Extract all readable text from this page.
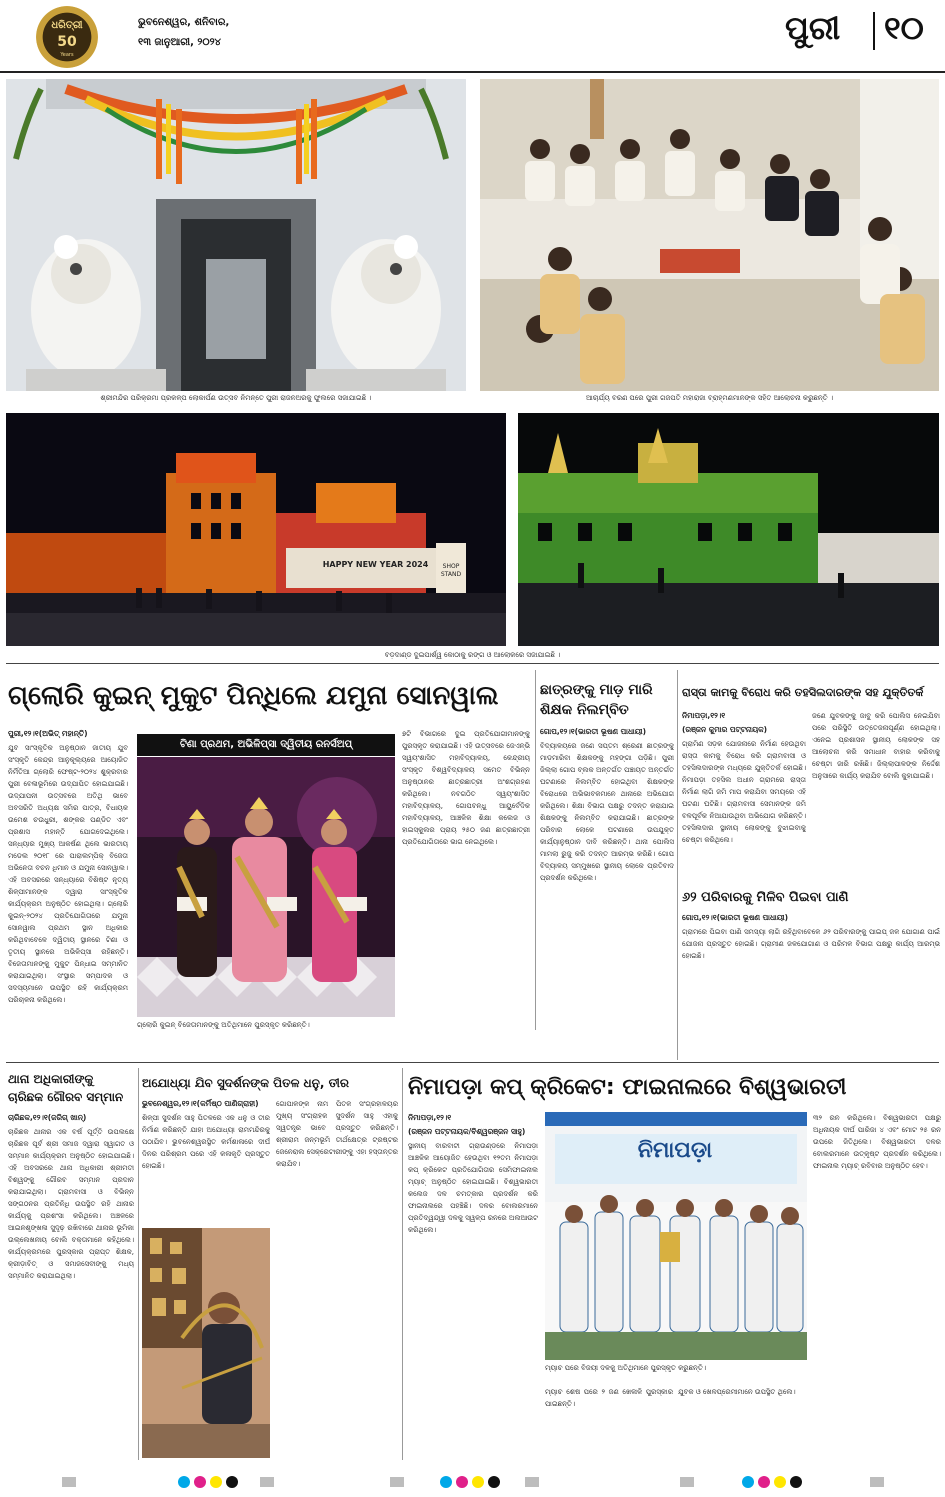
ଧରିତ୍ରୀ
50
Years
ଭୁବନେଶ୍ୱର, ଶନିବାର,
୧୩ ଜାନୁଆରୀ, ୨୦୨୪	ପୁରୀ ୧୦
ଶ୍ରୀମନ୍ଦିର ପରିକ୍ରମା ପ୍ରକଳ୍ପ ଲୋକାର୍ପଣ ଉତ୍ସବ ନିମନ୍ତେ ପୁରୀ ରାଜନଅରକୁ ଫୁଲରେ ସଜାଯାଇଛି ।	ଆଚାର୍ଯ୍ୟ ବରଣ ପରେ ପୁରୀ ଗଜପତି ମହାରାଜା ବ୍ରାହ୍ମଣମାନଙ୍କ ସହିତ ଆଲୋଚନା କରୁଛନ୍ତି ।
HAPPY NEW YEAR 2024	SHOP STAND
ବଡ଼ଦାଣ୍ଡ ଦୁଇପାର୍ଶ୍ୱ କୋଠାକୁ ରଙ୍ଗ ଓ ଆଲୋକରେ ସଜାଯାଇଛି ।
ଗ୍ଲୋରି କୁଇନ୍ ମୁକୁଟ ପିନ୍ଧିଲେ ଯମୁନା ସୋନୱାଲ

ପୁରୀ,୧୨।୧(ଅଭିତ୍ ମହାନ୍ତି)

ଯୁବ ସାଂସ୍କୃତିକ ଅନୁଷ୍ଠାନ ଜାତୀୟ ଯୁବ ସଂସ୍କୃତି କେନ୍ଦ୍ର ଆନୁକୂଲ୍ୟରେ ଆୟୋଜିତ ନିର୍ମିତିଆ ଗ୍ଲୋରି ଫେଷ୍ଟ-୨୦୨୪ ଶୁକ୍ରବାର ପୁରୀ ବେଳାଭୂମିରେ ଉଦ୍ଯାପିତ ହୋଇଯାଇଛି। ଉଦ୍ଯାପନୀ ଉତ୍ସବରେ ଅତିଥି ଭାବେ ଅବସରିତି ଅଧ୍ୟକ୍ଷ ସମିର ପାତ୍ର, ବିଧାୟକ ଉମେଶ ଚଉଧୁରୀ, ଶଙ୍କର ପଣ୍ଡିତ ଏବଂ ପ୍ରଶାସ ମହାନ୍ତି ଯୋଗଦେଇଥିଲେ। ସନ୍ଧ୍ୟାର ମୁଖ୍ୟ ଆକର୍ଷଣ ଥିଲେ ଭାରତୀୟ ମଡେଲ ୨୦୧୮ ରେ ପାରାଲମ୍ପିକ୍ ବିଜେତା ଅଭିନେତା ବଚନ ଧିମାନ ଓ ଯମୁନା ସୋନୱାଲ। ଏହି ଅବସରରେ ସନ୍ଧ୍ୟାରେ ବିଶିଷ୍ଟ ନୃତ୍ୟ ଶିଳ୍ପୀମାନଙ୍କ ଦ୍ୱାରା ସାଂସ୍କୃତିକ କାର୍ଯ୍ୟକ୍ରମ ଅନୁଷ୍ଠିତ ହୋଇଥିଲା। ଗ୍ଲୋରି କୁଇନ୍-୨୦୨୪ ପ୍ରତିଯୋଗିତାରେ ଯମୁନା ସୋନୱାଲ ପ୍ରଥମ ସ୍ଥାନ ଅଧିକାର କରିଥିବାବେଳେ ଦ୍ୱିତୀୟ ସ୍ଥାନରେ ଟିଣା ଓ ତୃତୀୟ ସ୍ଥାନରେ ଅଭିଳିପ୍ସା ରହିଛନ୍ତି। ବିଜେତାମାନଙ୍କୁ ମୁକୁଟ ପିନ୍ଧାଇ ସମ୍ମାନିତ କରାଯାଇଥିଲା। ସଂସ୍ଥାର ସମ୍ପାଦକ ଓ ସଦସ୍ୟମାନେ ଉପସ୍ଥିତ ରହି କାର୍ଯ୍ୟକ୍ରମ ପରିଚାଳନା କରିଥିଲେ।

ଟିଣା ପ୍ରଥମ, ଅଭିଳିପ୍ସା ଦ୍ୱିତୀୟ ରନର୍ସଅପ୍

ଗ୍ଲୋରି କୁଇନ୍ ବିଜେତାମାନଙ୍କୁ ଅତିଥିମାନେ ପୁରସ୍କୃତ କରିଛନ୍ତି।

୭ଟି ବିଭାଗରେ ଦୁଇ ପ୍ରତିଯୋଗୀମାନଙ୍କୁ ପୁରସ୍କୃତ କରାଯାଇଛି। ଏହି ଉତ୍ସବରେ ଜେଏନ୍‌ଭି ସ୍ୱୟଂଶାସିତ ମହାବିଦ୍ୟାଳୟ, କେନ୍ଦ୍ରୀୟ ସଂସ୍କୃତ ବିଶ୍ୱବିଦ୍ୟାଳୟ ସମେତ ବିଭିନ୍ନ ଅନୁଷ୍ଠାନର ଛାତ୍ରଛାତ୍ରୀ ଅଂଶଗ୍ରହଣ କରିଥିଲେ। ନବଗଠିତ ସ୍ୱୟଂଶାସିତ ମହାବିଦ୍ୟାଳୟ, ଗୋପବନ୍ଧୁ ଆୟୁର୍ବେଦିକ ମହାବିଦ୍ୟାଳୟ, ଆଞ୍ଚଳିକ ଶିକ୍ଷା କଲେଜ ଓ ହାଇସ୍କୁଲର ପ୍ରାୟ ୨୫୦ ଜଣ ଛାତ୍ରଛାତ୍ରୀ ପ୍ରତିଯୋଗିତାରେ ଭାଗ ନେଇଥିଲେ।

ଛାତ୍ରଙ୍କୁ ମାଡ଼ ମାରି
ଶିକ୍ଷକ ନିଲମ୍ବିତ

ଗୋପ,୧୨।୧(ଭାରତୀ ଭୂଷଣ ପାଧାୟୀ)

ବିଦ୍ୟାଳୟରେ ଜଣେ ସପ୍ତମ ଶ୍ରେଣୀ ଛାତ୍ରଙ୍କୁ ମାଡ଼ମାରିବା ଶିକ୍ଷକଙ୍କୁ ମହଙ୍ଗା ପଡ଼ିଛି। ପୁରୀ ଜିଲ୍ଲା ଗୋପ ବ୍ଲକ ଅନ୍ତର୍ଗତ ପଞ୍ଚାୟତ ଅନ୍ତର୍ଗତ ଘଟଣାରେ ନିଲମ୍ବିତ ହୋଇଥିବା ଶିକ୍ଷକଙ୍କ ବିରୋଧରେ ଅଭିଭାବକମାନେ ଥାନାରେ ଅଭିଯୋଗ କରିଥିଲେ। ଶିକ୍ଷା ବିଭାଗ ପକ୍ଷରୁ ତଦନ୍ତ କରାଯାଇ ଶିକ୍ଷକଙ୍କୁ ନିଲମ୍ବିତ କରାଯାଇଛି। ଛାତ୍ରଙ୍କ ପରିବାର ଲୋକେ ଘଟଣାରେ ଉପଯୁକ୍ତ କାର୍ଯ୍ୟାନୁଷ୍ଠାନ ଦାବି କରିଛନ୍ତି। ଥାନା ପୋଲିସ ମାମଲା ରୁଜୁ କରି ତଦନ୍ତ ଆରମ୍ଭ କରିଛି। ଗୋପ ବିଦ୍ୟାଳୟ ସମ୍ମୁଖରେ ସ୍ଥାନୀୟ ଲୋକେ ପ୍ରତିବାଦ ପ୍ରଦର୍ଶନ କରିଥିଲେ।

ରାସ୍ତା କାମକୁ ବିରୋଧ କରି ତହସିଲଦାରଙ୍କ ସହ ଯୁକ୍ତିତର୍କ

ନିମାପଡ଼ା,୧୨।୧

(ରଞ୍ଜନ କୁମାର ପଟ୍ଟନାୟକ)

ଗ୍ରାମିଣ ସଡ଼କ ଯୋଜନାରେ ନିର୍ମାଣ ହେଉଥିବା ରାସ୍ତା କାମକୁ ବିରୋଧ କରି ଗ୍ରାମବାସୀ ଓ ତହସିଲଦାରଙ୍କ ମଧ୍ୟରେ ଯୁକ୍ତିତର୍କ ହୋଇଛି। ନିମାପଡ଼ା ତହସିଲ ଅଧୀନ ଗ୍ରାମରେ ରାସ୍ତା ନିର୍ମାଣ ଲାଗି ଜମି ମାପ କରାଯିବା ସମୟରେ ଏହି ଘଟଣା ଘଟିଛି। ଗ୍ରାମବାସୀ ସେମାନଙ୍କ ଜମି ବଳପୂର୍ବକ ନିଆଯାଉଥିବା ଅଭିଯୋଗ କରିଛନ୍ତି। ତହସିଲଦାର ସ୍ଥାନୀୟ ଲୋକଙ୍କୁ ବୁଝାଇବାକୁ ଚେଷ୍ଟା କରିଥିଲେ।

ଜଣେ ଯୁବକଙ୍କୁ ଜାବୁ କରି ପୋଲିସ ନେଇଯିବା ପରେ ପରିସ୍ଥିତି ଉତ୍ତେଜନାପୂର୍ଣ୍ଣ ହୋଇଥିଲା। ଏନେଇ ପ୍ରଶାସନ ସ୍ଥାନୀୟ ଲୋକଙ୍କ ସହ ଆଲୋଚନା କରି ସମାଧାନ ବାହାର କରିବାକୁ ଚେଷ୍ଟା ଜାରି ରଖିଛି। ଜିଲ୍ଲାପାଳଙ୍କ ନିର୍ଦ୍ଦେଶ ଅନୁସାରେ କାର୍ଯ୍ୟ କରାଯିବ ବୋଲି କୁହାଯାଇଛି।

୬୨ ପରିବାରକୁ ମିଳିବ ପିଇବା ପାଣି

ଗୋପ,୧୨।୧(ଭାରତୀ ଭୂଷଣ ପାଧାୟୀ)

ଗ୍ରାମରେ ପିଇବା ପାଣି ସମସ୍ୟା ଲାଗି ରହିଥିବାବେଳେ ୬୨ ପରିବାରଙ୍କୁ ପାଇପ୍ ଜଳ ଯୋଗାଣ ପାଇଁ ଯୋଜନା ପ୍ରସ୍ତୁତ ହୋଇଛି। ଗ୍ରାମୀଣ ଜଳଯୋଗାଣ ଓ ପରିମଳ ବିଭାଗ ପକ୍ଷରୁ କାର୍ଯ୍ୟ ଆରମ୍ଭ ହୋଇଛି।

ଥାନା ଅଧିକାରୀଙ୍କୁ
ଚାରିଛକ ଗୌରବ ସମ୍ମାନ

ଚାରିଛକ,୧୨।୧(ଜରିଗ୍ ଖାନ୍)

ଚାରିଛକ ଥାନାର ଏକ ବର୍ଷ ପୂର୍ତ୍ତି ଉପଲକ୍ଷେ ଚାରିଛକ ପୂର୍ବ ଶ୍ରୀ ସମାଜ ଦ୍ୱାରା ସ୍ୱାଗତ ଓ ସମ୍ମାନ କାର୍ଯ୍ୟକ୍ରମ ଅନୁଷ୍ଠିତ ହୋଇଯାଇଛି। ଏହି ଅବସରରେ ଥାନା ଅଧିକାରୀ ଶ୍ରୀମତୀ ବିଶ୍ୱଙ୍କୁ ଗୌରବ ସମ୍ମାନ ପ୍ରଦାନ କରାଯାଇଥିଲା। ଗ୍ରାମବାସୀ ଓ ବିଭିନ୍ନ ସଙ୍ଗଠନର ପ୍ରତିନିଧି ଉପସ୍ଥିତ ରହି ଥାନାର କାର୍ଯ୍ୟକୁ ପ୍ରଶଂସା କରିଥିଲେ। ଅଞ୍ଚଳରେ ଆଇନଶୃଙ୍ଖଳା ସୁଦୃଢ଼ ରଖିବାରେ ଥାନାର ଭୂମିକା ଉଲ୍ଲେଖନୀୟ ବୋଲି ବକ୍ତାମାନେ କହିଥିଲେ। କାର୍ଯ୍ୟକ୍ରମରେ ପୁରସ୍କାର ପ୍ରାପ୍ତ ଶିକ୍ଷକ, କ୍ରୀଡ଼ାବିତ୍ ଓ ସମାଜସେବୀଙ୍କୁ ମଧ୍ୟ ସମ୍ମାନିତ କରାଯାଇଥିଲା।

ଅଯୋଧ୍ୟା ଯିବ ସୁଦର୍ଶନଙ୍କ ପିତଳ ଧନୁ, ତୀର

ଭୁବନେଶ୍ୱର,୧୨।୧(କର୍ମିଷ୍ଠ ପାଣିଗ୍ରାହୀ)

ଶିଳ୍ପୀ ସୁଦର୍ଶନ ସାହୁ ପିତଳରେ ଏକ ଧନୁ ଓ ତୀର ନିର୍ମାଣ କରିଛନ୍ତି ଯାହା ଅଯୋଧ୍ୟା ରାମମନ୍ଦିରକୁ ପଠାଯିବ। ଭୁବନେଶ୍ୱରସ୍ଥିତ କର୍ମଶାଳାରେ ଦୀର୍ଘ ଦିନର ପରିଶ୍ରମ ପରେ ଏହି କଳାକୃତି ପ୍ରସ୍ତୁତ ହୋଇଛି।

ଗୋପାଳଙ୍କ ନାମ ପିତଳ ସଂଗ୍ରହାଳୟର ମୁଖ୍ୟ ସଂଗ୍ରାହକ ସୁଦର୍ଶନ ସାହୁ ଏହାକୁ ସ୍ୱତନ୍ତ୍ର ଭାବେ ପ୍ରସ୍ତୁତ କରିଛନ୍ତି। ଶ୍ରୀରାମ ଜନ୍ମଭୂମି ତୀର୍ଥକ୍ଷେତ୍ର ଟ୍ରଷ୍ଟର ଜେନେରାଲ ସେକ୍ରେଟାରୀଙ୍କୁ ଏହା ହସ୍ତାନ୍ତର କରାଯିବ।

ନିମାପଡ଼ା କପ୍ କ୍ରିକେଟ: ଫାଇନାଲରେ ବିଶ୍ୱଭାରତୀ

ନିମାପଡ଼ା,୧୨।୧

(ରଞ୍ଜନ ପଟ୍ଟନାୟକ/ବିଶ୍ୱରଞ୍ଜନ ସାହୁ)

ସ୍ଥାନୀୟ ବାରବାଟୀ ଗ୍ରାଉଣ୍ଡରେ ନିମାପଡ଼ା ଆଞ୍ଚଳିକ ଆୟୋଜିତ ହେଉଥିବା ୧୨ତମ ନିମାପଡ଼ା କପ୍ କ୍ରିକେଟ ପ୍ରତିଯୋଗିତାର ସେମିଫାଇନାଲ ମ୍ୟାଚ୍ ଅନୁଷ୍ଠିତ ହୋଇଯାଇଛି। ବିଶ୍ୱଭାରତୀ କଲେଜ ଦଳ ଚମତ୍କାର ପ୍ରଦର୍ଶନ କରି ଫାଇନାଲରେ ପହଞ୍ଚିଛି। ଦଳର ବୋଲରମାନେ ପ୍ରତିଦ୍ୱନ୍ଦ୍ୱୀ ଦଳକୁ ସ୍ୱଳ୍ପ ରନରେ ଅଲଆଉଟ କରିଥିଲେ।

ନିମାପଡ଼ା

ମ୍ୟାଚ ପରେ ବିଜୟୀ ଦଳକୁ ଅତିଥିମାନେ ପୁରସ୍କୃତ କରୁଛନ୍ତି।

ମ୍ୟାଚ ଶେଷ ପରେ ୨ ଜଣ ଖେଳାଳି ପୁରସ୍କାର ପାଇଛନ୍ତି।

ଯୁବକ ଓ ଖେଳପ୍ରେମୀମାନେ ଉପସ୍ଥିତ ଥିଲେ।

୩୨ ରନ କରିଥିଲେ। ବିଶ୍ୱଭାରତୀ ପକ୍ଷରୁ ଅଧିନାୟକ ଦୀର୍ଘ ପାରିଜା ୪ ଏବଂ ମୋଟ ୨୫ ରନ ଉପରେ ଜିତିଥିଲେ। ବିଶ୍ୱଭାରତୀ ଦଳର ବୋଲରମାନେ ଉତ୍କୃଷ୍ଟ ପ୍ରଦର୍ଶନ କରିଥିଲେ। ଫାଇନାଲ ମ୍ୟାଚ୍ ରବିବାର ଅନୁଷ୍ଠିତ ହେବ।
